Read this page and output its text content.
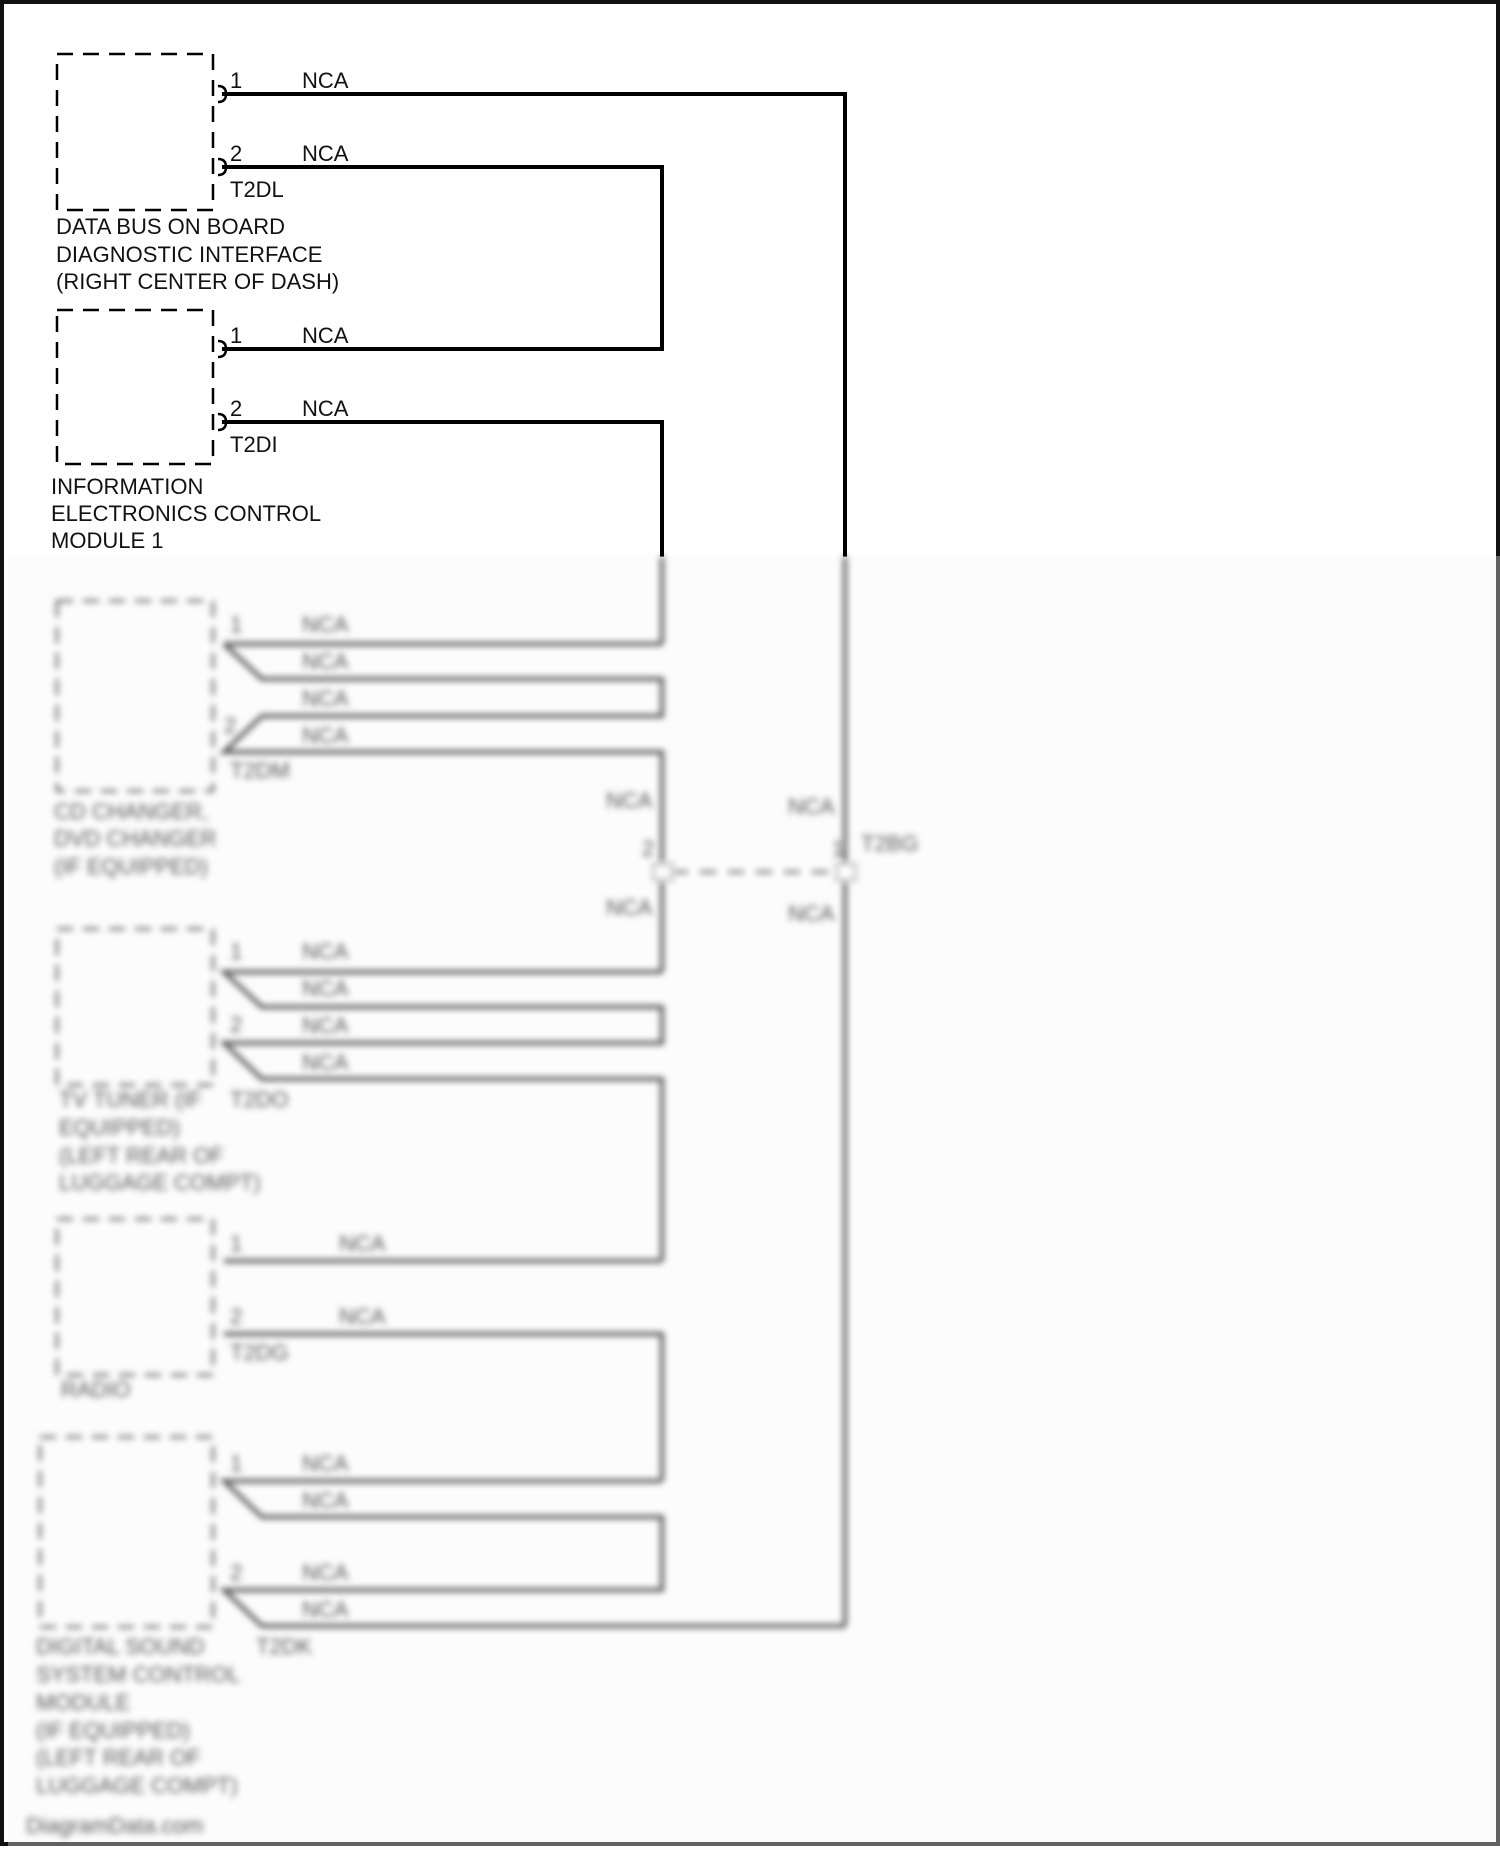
1
2
NCA
NCA
T2DL
DATA BUS ON BOARD
DIAGNOSTIC INTERFACE
(RIGHT CENTER OF DASH)
1
2
NCA
NCA
T2DI
INFORMATION
ELECTRONICS CONTROL
MODULE 1
1
2
NCA
NCA
NCA
NCA
T2DM
CD CHANGER,
DVD CHANGER
(IF EQUIPPED)
2	1
NCA	NCA
NCA	NCA
T2BG
1
2
NCA
NCA
NCA
NCA
T2DO
TV TUNER (IF
EQUIPPED)
(LEFT REAR OF
LUGGAGE COMPT)
1
2
NCA
NCA
T2DG
RADIO
1
2
NCA
NCA
NCA
NCA
T2DK
DIGITAL SOUND
SYSTEM CONTROL
MODULE
(IF EQUIPPED)
(LEFT REAR OF
LUGGAGE COMPT)
DiagramData.com
